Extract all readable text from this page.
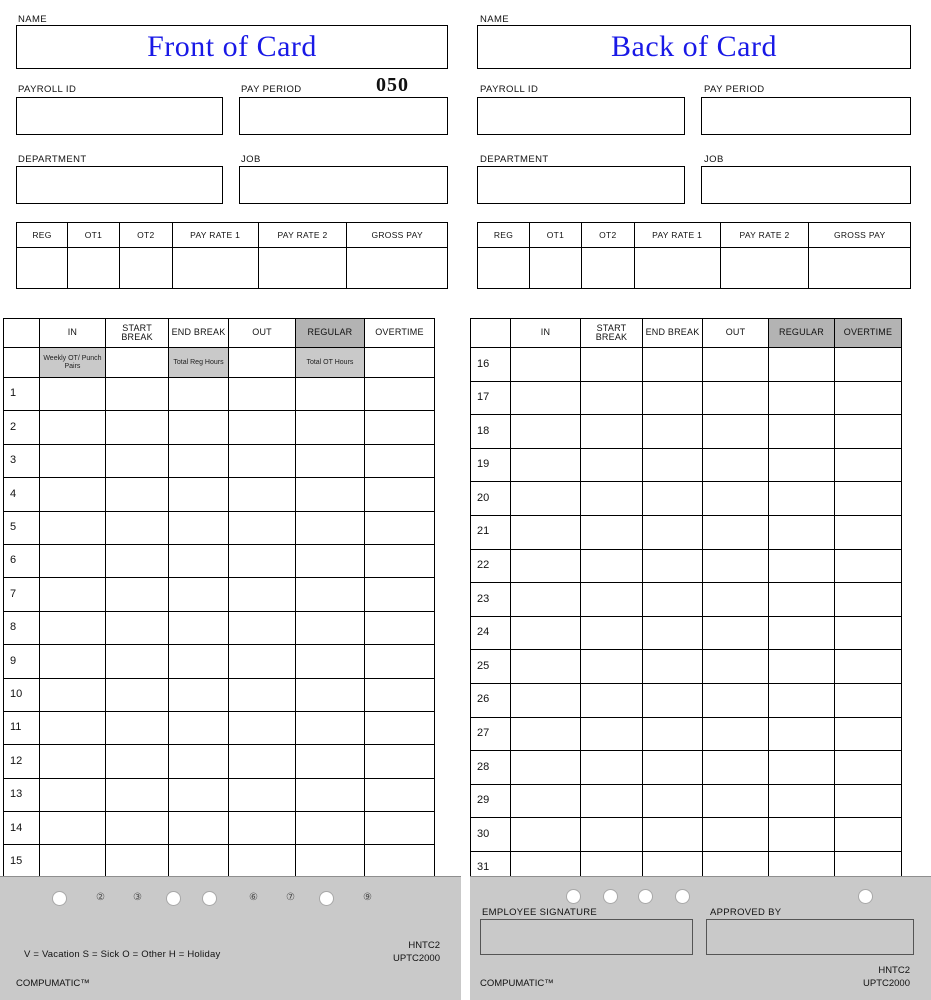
NAME
Front of Card
PAYROLL ID	PAY PERIOD	050
DEPARTMENT	JOB
REG	OT1	OT2	PAY RATE 1	PAY RATE 2	GROSS PAY

	IN	START BREAK	END BREAK	OUT	REGULAR	OVERTIME
	Weekly OT/ Punch Pairs		Total Reg Hours		Total OT Hours	
1						
2						
3						
4						
5						
6						
7						
8						
9						
10						
11						
12						
13						
14						
15						
②	③	⑥	⑦	⑨
V = Vacation S = Sick O = Other H = Holiday
COMPUMATIC™
HNTC2
UPTC2000
NAME
Back of Card
PAYROLL ID	PAY PERIOD
DEPARTMENT	JOB
REG	OT1	OT2	PAY RATE 1	PAY RATE 2	GROSS PAY

	IN	START BREAK	END BREAK	OUT	REGULAR	OVERTIME
16						
17						
18						
19						
20						
21						
22						
23						
24						
25						
26						
27						
28						
29						
30						
31						
EMPLOYEE SIGNATURE	APPROVED BY
COMPUMATIC™
HNTC2
UPTC2000
